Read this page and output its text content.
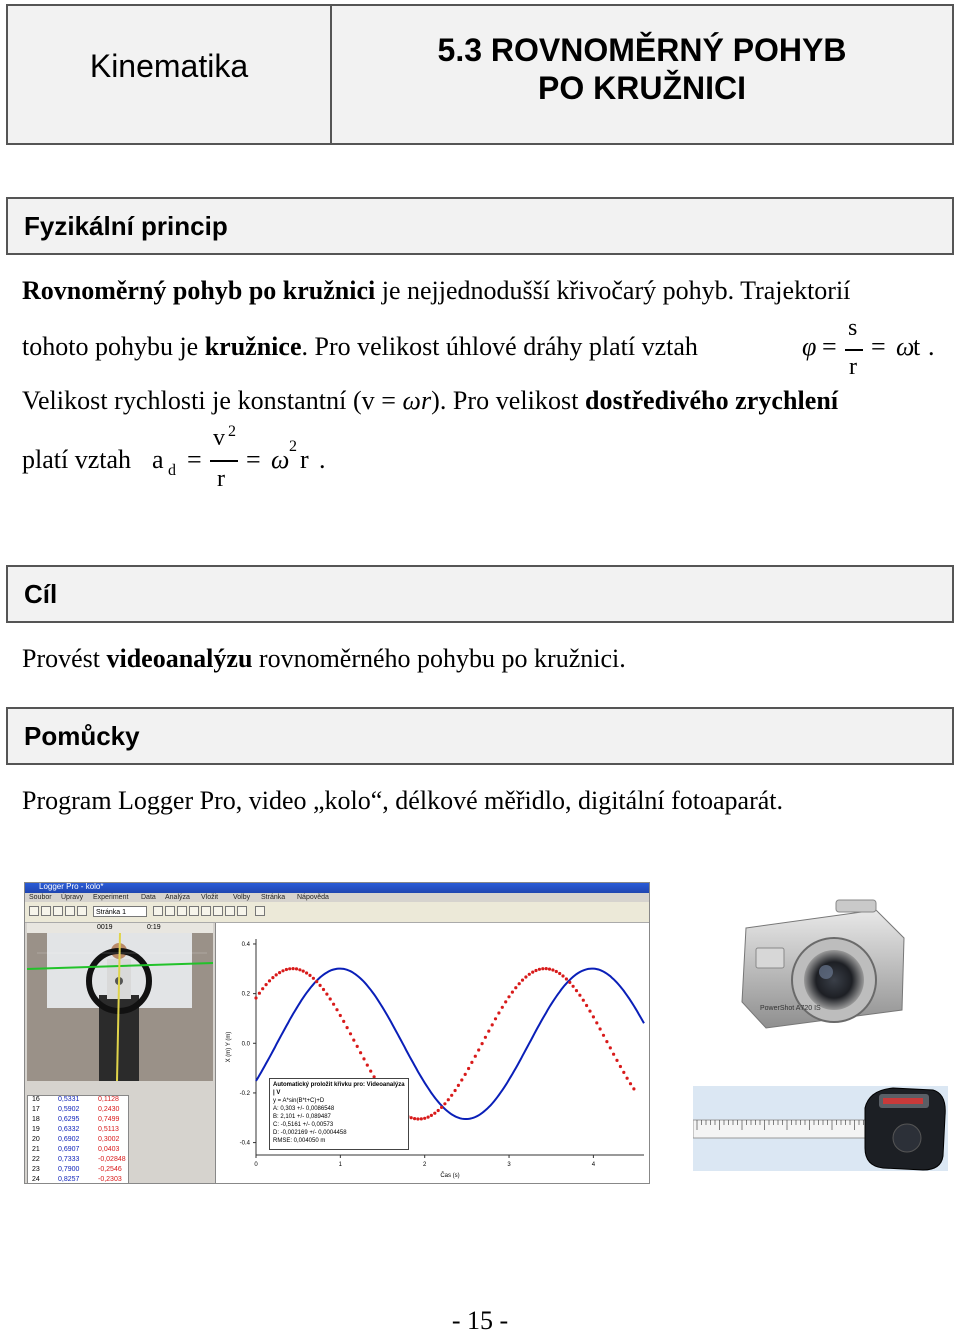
Kinematika	5.3 ROVNOMĚRNÝ POHYB
PO KRUŽNICI
Fyzikální princip
Rovnoměrný pohyb po kružnici je nejjednodušší křivočarý pohyb. Trajektorií
tohoto pohybu je kružnice. Pro velikost úhlové dráhy platí vztah	φ =
s
r
= ω
t .
Velikost rychlosti je konstantní (v = ωr). Pro velikost dostředivého zrychlení
platí vztah a d =
v 2
r
= ω 2 r .
Cíl
Provést videoanalýzu rovnoměrného pohybu po kružnici.
Pomůcky
Program Logger Pro, video „kolo“, délkové měřidlo, digitální fotoaparát.
Logger Pro - kolo*
Soubor Úpravy Experiment Data Analýza Vložit Volby Stránka Nápověda
Stránka 1
0019	0:19
16	0,5331	0,1128
17	0,5902	0,2430
18	0,6295	0,7499
19	0,6332	0,5113
20	0,6902	0,3002
21	0,6907	0,0403
22	0,7333	-0,02848
23	0,7900	-0,2546
24	0,8257	-0,2303
0.4
0.2
0.0
-0.2
-0.4
0	1	2	3	4
Čas (s)
X (m) Y (m)
Automatický proložit křivku pro: Videoanalýza | V
y = A*sin(B*t+C)+D
A: 0,303 +/- 0,0086548
B: 2,101 +/- 0,089487
C: -0,5161 +/- 0,00573
D: -0,002169 +/- 0,0004458
RMSE: 0,004050 m
PowerShot A720 IS
- 15 -
